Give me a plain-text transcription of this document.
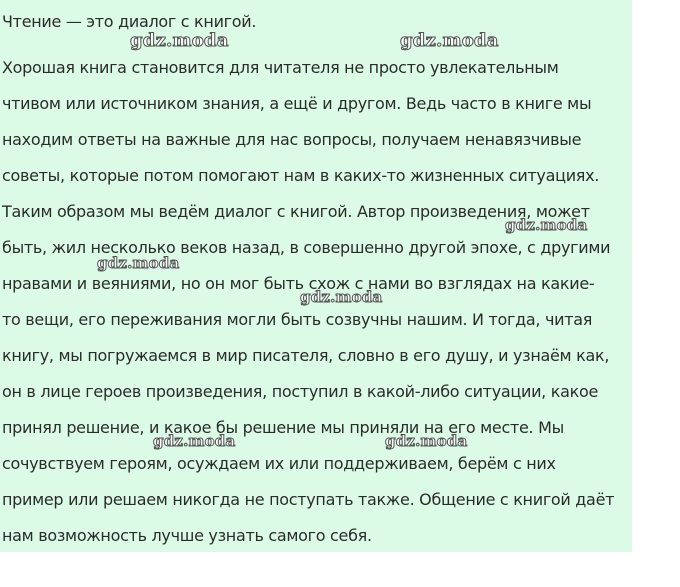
Чтение — это диалог с книгой.
Хорошая книга становится для читателя не просто увлекательным
чтивом или источником знания, а ещё и другом. Ведь часто в книге мы
находим ответы на важные для нас вопросы, получаем ненавязчивые
советы, которые потом помогают нам в каких-то жизненных ситуациях.
Таким образом мы ведём диалог с книгой. Автор произведения, может
быть, жил несколько веков назад, в совершенно другой эпохе, с другими
нравами и веяниями, но он мог быть схож с нами во взглядах на какие-
то вещи, его переживания могли быть созвучны нашим. И тогда, читая
книгу, мы погружаемся в мир писателя, словно в его душу, и узнаём как,
он в лице героев произведения, поступил в какой-либо ситуации, какое
принял решение, и какое бы решение мы приняли на его месте. Мы
сочувствуем героям, осуждаем их или поддерживаем, берём с них
пример или решаем никогда не поступать также. Общение с книгой даёт
нам возможность лучше узнать самого себя.
gdz.moda	gdz.moda
gdz.moda
gdz.moda
gdz.moda
gdz.moda	gdz.moda
